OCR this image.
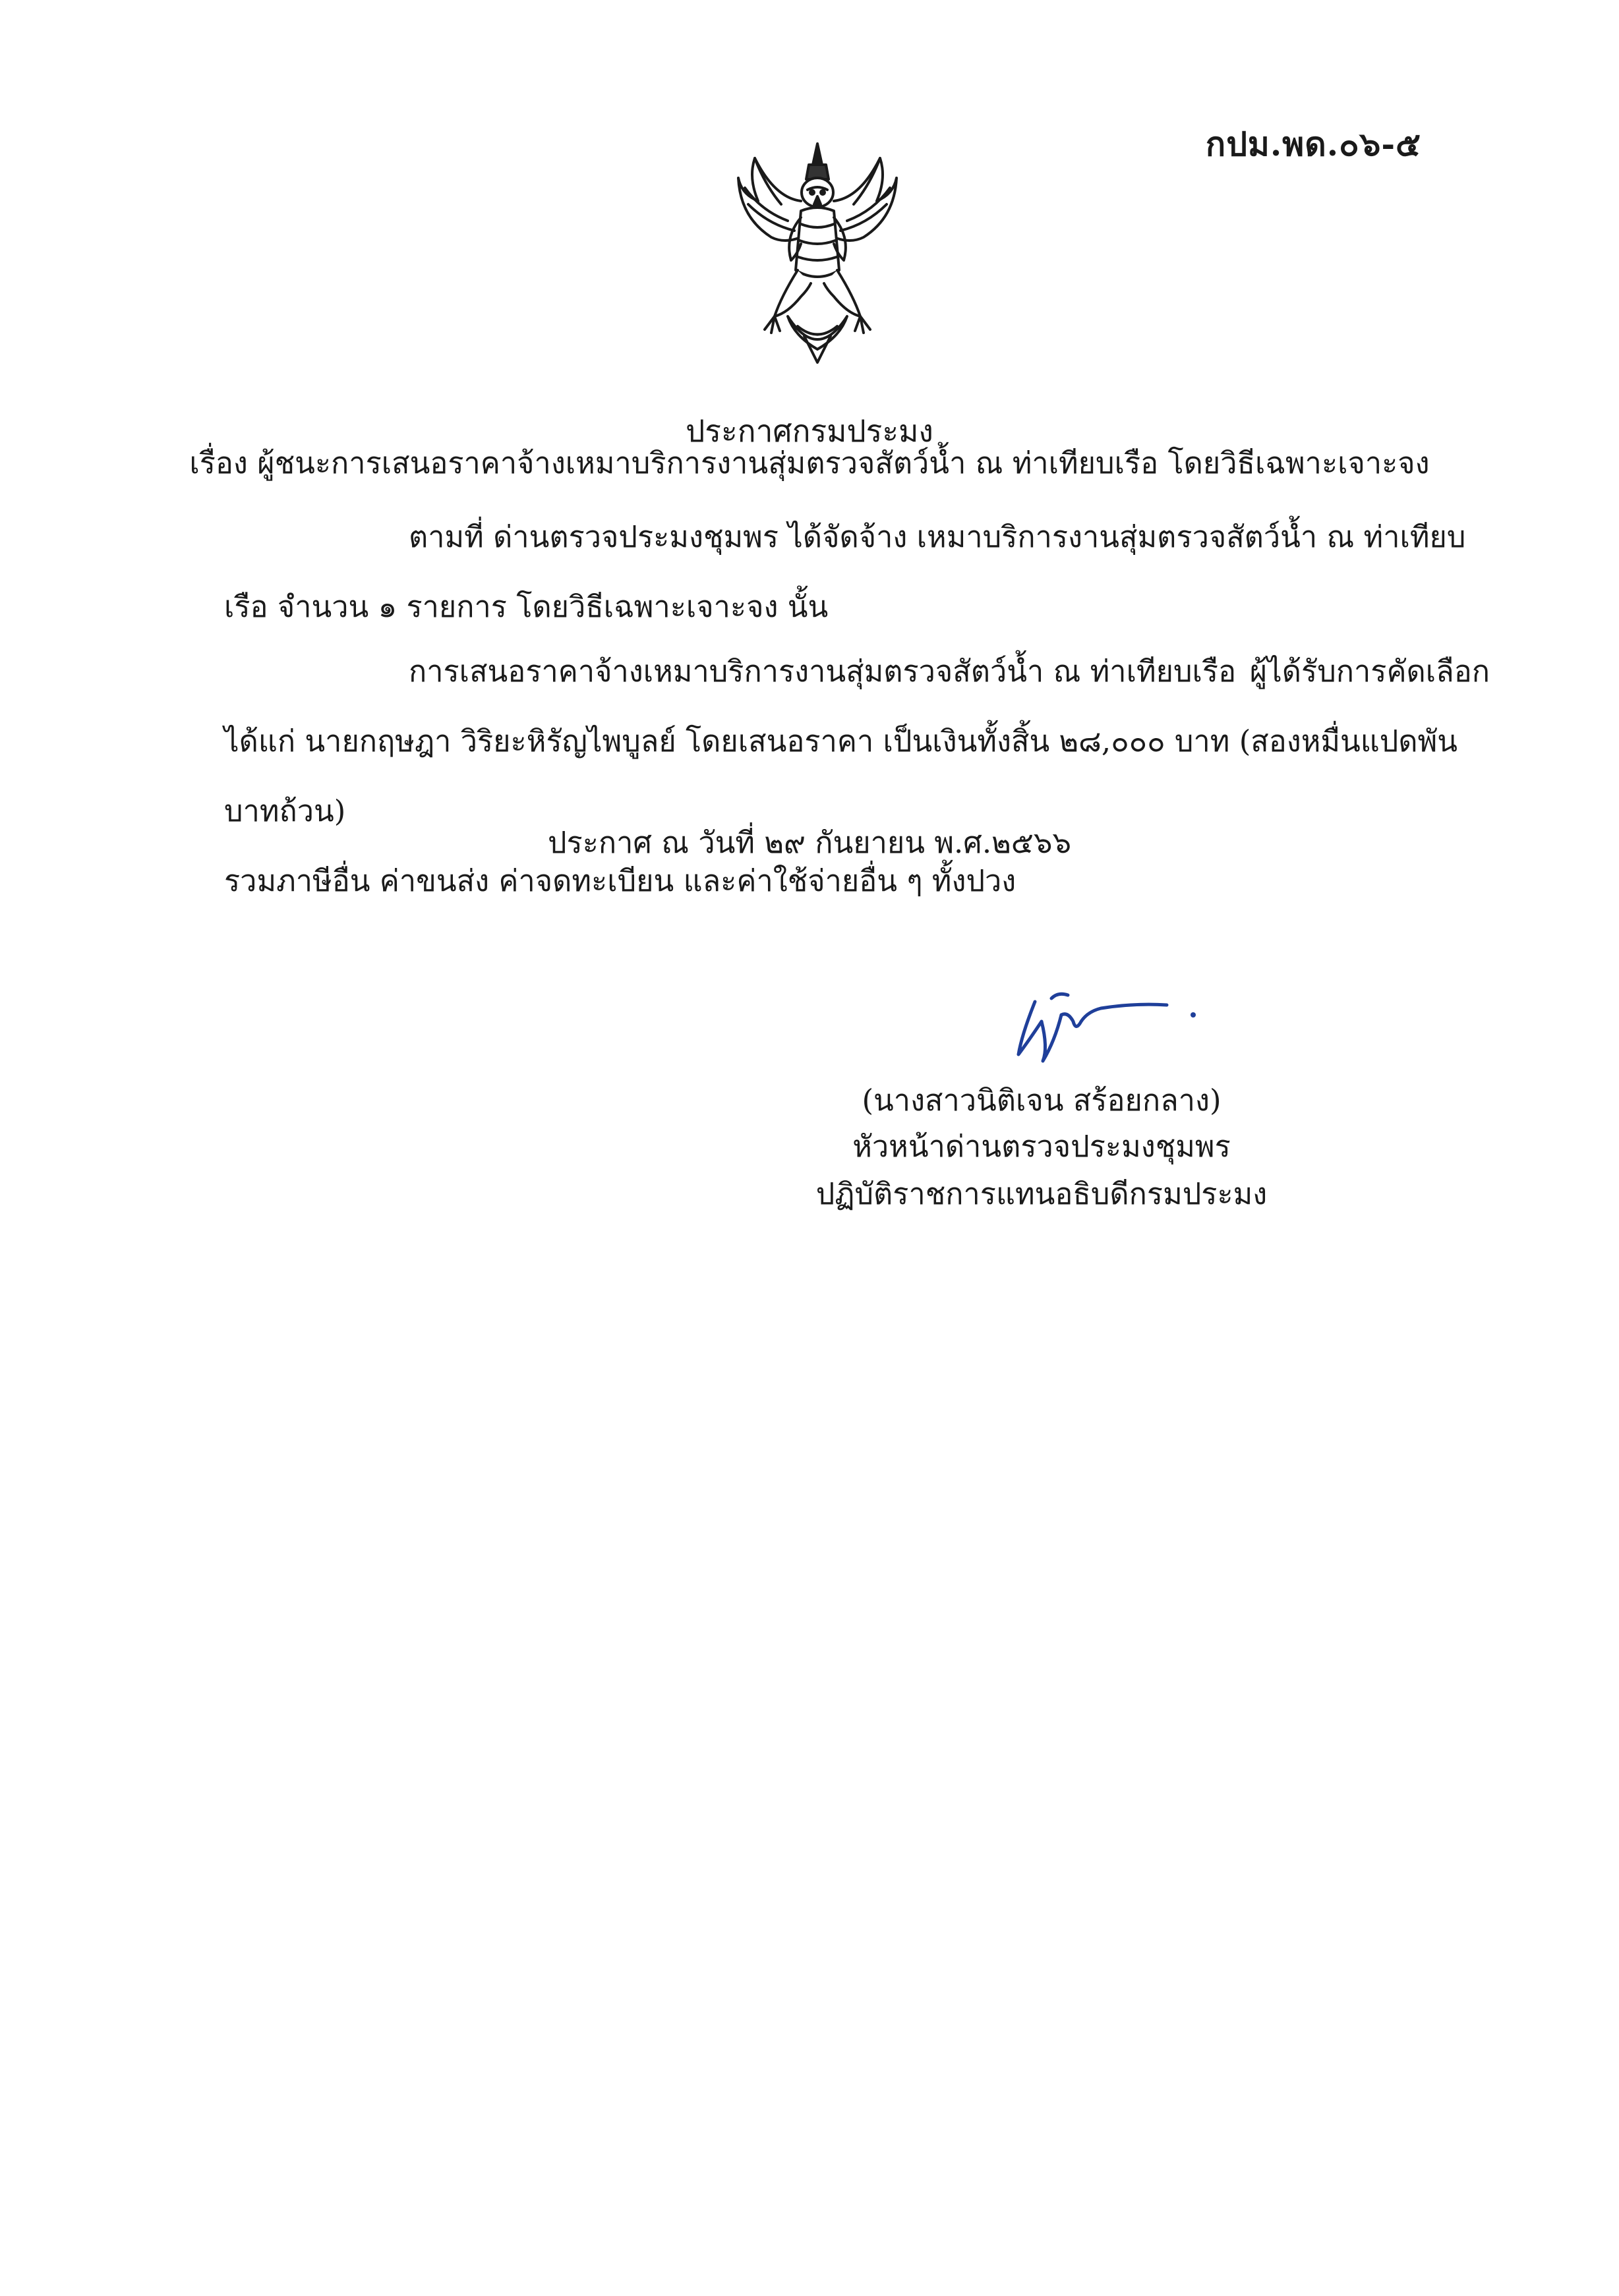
กปม.พด.๐๖-๕
ประกาศกรมประมง
เรื่อง ผู้ชนะการเสนอราคาจ้างเหมาบริการงานสุ่มตรวจสัตว์น้ำ ณ ท่าเทียบเรือ โดยวิธีเฉพาะเจาะจง
ตามที่ ด่านตรวจประมงชุมพร ได้จัดจ้าง เหมาบริการงานสุ่มตรวจสัตว์น้ำ ณ ท่าเทียบเรือ จำนวน ๑ รายการ โดยวิธีเฉพาะเจาะจง นั้น
การเสนอราคาจ้างเหมาบริการงานสุ่มตรวจสัตว์น้ำ ณ ท่าเทียบเรือ ผู้ได้รับการคัดเลือก
ได้แก่ นายกฤษฎา วิริยะหิรัญไพบูลย์ โดยเสนอราคา เป็นเงินทั้งสิ้น ๒๘,๐๐๐ บาท (สองหมื่นแปดพันบาทถ้วน)
รวมภาษีอื่น ค่าขนส่ง ค่าจดทะเบียน และค่าใช้จ่ายอื่น ๆ ทั้งปวง
ประกาศ ณ วันที่ ๒๙ กันยายน พ.ศ.๒๕๖๖
(นางสาวนิติเจน สร้อยกลาง)
หัวหน้าด่านตรวจประมงชุมพร
ปฏิบัติราชการแทนอธิบดีกรมประมง
